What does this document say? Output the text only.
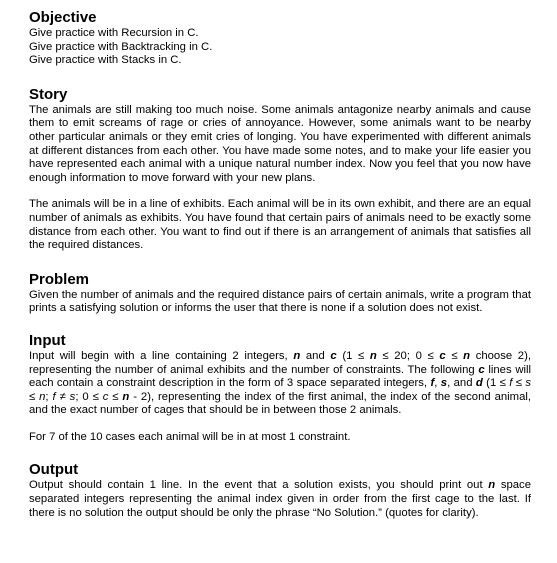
Objective
Give practice with Recursion in C.
Give practice with Backtracking in C.
Give practice with Stacks in C.
Story

The animals are still making too much noise. Some animals antagonize nearby animals and cause them to emit screams of rage or cries of annoyance. However, some animals want to be nearby other particular animals or they emit cries of longing. You have experimented with different animals at different distances from each other. You have made some notes, and to make your life easier you have represented each animal with a unique natural number index. Now you feel that you now have enough information to move forward with your new plans.

The animals will be in a line of exhibits. Each animal will be in its own exhibit, and there are an equal number of animals as exhibits. You have found that certain pairs of animals need to be exactly some distance from each other. You want to find out if there is an arrangement of animals that satisfies all the required distances.

Problem

Given the number of animals and the required distance pairs of certain animals, write a program that prints a satisfying solution or informs the user that there is none if a solution does not exist.

Input

Input will begin with a line containing 2 integers, n and c (1 ≤ n ≤ 20; 0 ≤ c ≤ n choose 2), representing the number of animal exhibits and the number of constraints. The following c lines will each contain a constraint description in the form of 3 space separated integers, f, s, and d (1 ≤ f ≤ s ≤ n; f ≠ s; 0 ≤ c ≤ n - 2), representing the index of the first animal, the index of the second animal, and the exact number of cages that should be in between those 2 animals.

For 7 of the 10 cases each animal will be in at most 1 constraint.

Output

Output should contain 1 line. In the event that a solution exists, you should print out n space separated integers representing the animal index given in order from the first cage to the last. If there is no solution the output should be only the phrase “No Solution.” (quotes for clarity).
